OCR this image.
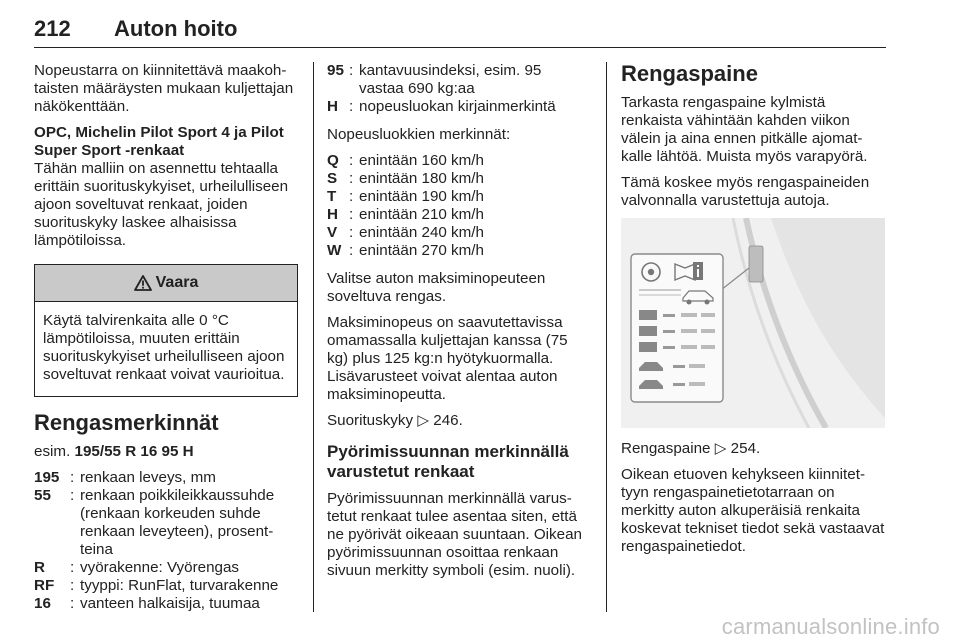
212 Auton hoito

Nopeustarra on kiinnitettävä maakohtaisten määräysten mukaan kuljettajan näkökenttään.

OPC, Michelin Pilot Sport 4 ja Pilot Super Sport -renkaat

Tähän malliin on asennettu tehtaalla erittäin suorituskykyiset, urheilulliseen ajoon soveltuvat renkaat, joiden suorituskyky laskee alhaisissa lämpötiloissa.

Vaara
Käytä talvirenkaita alle 0 °C lämpötiloissa, muuten erittäin suorituskykyiset urheilulliseen ajoon soveltuvat renkaat voivat vaurioitua.
Rengasmerkinnät

esim. 195/55 R 16 95 H

195 : renkaan leveys, mm
55	: renkaan poikkileikkaussuhde (renkaan korkeuden suhde renkaan leveyteen), prosentteina
R	: vyörakenne: Vyörengas
RF	: tyyppi: RunFlat, turvarakenne
16	: vanteen halkaisija, tuumaa
95 : kantavuusindeksi, esim. 95 vastaa 690 kg:aa
H : nopeusluokan kirjainmerkintä

Nopeusluokkien merkinnät:

Q : enintään 160 km/h
S : enintään 180 km/h
T : enintään 190 km/h
H : enintään 210 km/h
V : enintään 240 km/h
W : enintään 270 km/h

Valitse auton maksiminopeuteen soveltuva rengas.

Maksiminopeus on saavutettavissa omamassalla kuljettajan kanssa (75 kg) plus 125 kg:n hyötykuormalla. Lisävarusteet voivat alentaa auton maksiminopeutta.

Suorituskyky ▷ 246.

Pyörimissuunnan merkinnällä varustetut renkaat

Pyörimissuunnan merkinnällä varustetut renkaat tulee asentaa siten, että ne pyörivät oikeaan suuntaan. Oikean pyörimissuunnan osoittaa renkaan sivuun merkitty symboli (esim. nuoli).

Rengaspaine

Tarkasta rengaspaine kylmistä renkaista vähintään kahden viikon välein ja aina ennen pitkälle ajomatkalle lähtöä. Muista myös varapyörä.

Tämä koskee myös rengaspaineiden valvonnalla varustettuja autoja.

Rengaspaine ▷ 254.

Oikean etuoven kehykseen kiinnitettyyn rengaspainetietotarraan on merkitty auton alkuperäisiä renkaita koskevat tekniset tiedot sekä vastaavat rengaspainetiedot.

carmanualsonline.info
